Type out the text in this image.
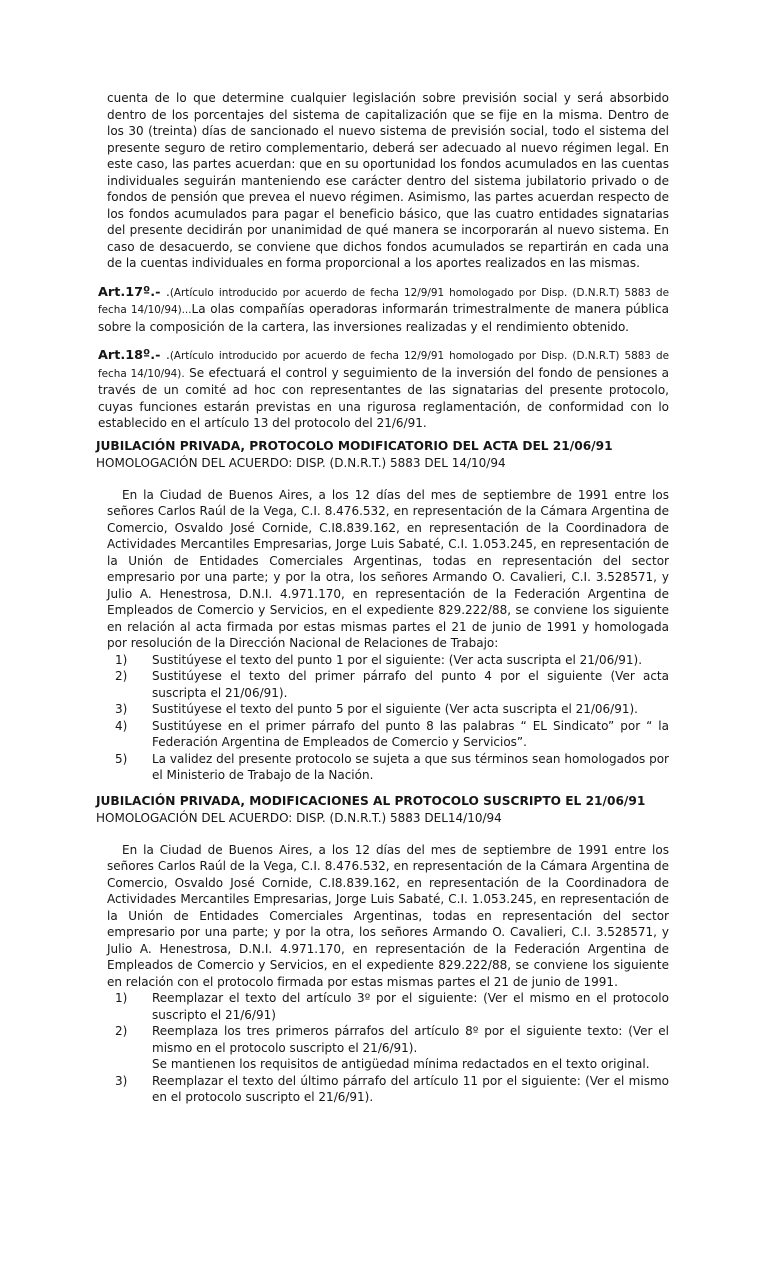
cuenta de lo que determine cualquier legislación sobre previsión social y será absorbido dentro de los porcentajes del sistema de capitalización que se fije en la misma. Dentro de los 30 (treinta) días de sancionado el nuevo sistema de previsión social, todo el sistema del presente seguro de retiro complementario, deberá ser adecuado al nuevo régimen legal. En este caso, las partes acuerdan: que en su oportunidad los fondos acumulados en las cuentas individuales seguirán manteniendo ese carácter dentro del sistema jubilatorio privado o de fondos de pensión que prevea el nuevo régimen. Asimismo, las partes acuerdan respecto de los fondos acumulados para pagar el beneficio básico, que las cuatro entidades signatarias del presente decidirán por unanimidad de qué manera se incorporarán al nuevo sistema. En caso de desacuerdo, se conviene que dichos fondos acumulados se repartirán en cada una de la cuentas individuales en forma proporcional a los aportes realizados en las mismas.

Art.17º.- .(Artículo introducido por acuerdo de fecha 12/9/91 homologado por Disp. (D.N.R.T) 5883 de fecha 14/10/94)...La olas compañías operadoras informarán trimestralmente de manera pública sobre la composición de la cartera, las inversiones realizadas y el rendimiento obtenido.

Art.18º.- .(Artículo introducido por acuerdo de fecha 12/9/91 homologado por Disp. (D.N.R.T) 5883 de fecha 14/10/94). Se efectuará el control y seguimiento de la inversión del fondo de pensiones a través de un comité ad hoc con representantes de las signatarias del presente protocolo, cuyas funciones estarán previstas en una rigurosa reglamentación, de conformidad con lo establecido en el artículo 13 del protocolo del 21/6/91.

JUBILACIÓN PRIVADA, PROTOCOLO MODIFICATORIO DEL ACTA DEL 21/06/91
HOMOLOGACIÓN DEL ACUERDO: DISP. (D.N.R.T.) 5883 DEL 14/10/94

En la Ciudad de Buenos Aires, a los 12 días del mes de septiembre de 1991 entre los señores Carlos Raúl de la Vega, C.I. 8.476.532, en representación de la Cámara Argentina de Comercio, Osvaldo José Cornide, C.I8.839.162, en representación de la Coordinadora de Actividades Mercantiles Empresarias, Jorge Luis Sabaté, C.I. 1.053.245, en representación de la Unión de Entidades Comerciales Argentinas, todas en representación del sector empresario por una parte; y por la otra, los señores Armando O. Cavalieri, C.I. 3.528571, y Julio A. Henestrosa, D.N.I. 4.971.170, en representación de la Federación Argentina de Empleados de Comercio y Servicios, en el expediente 829.222/88, se conviene los siguiente en relación al acta firmada por estas mismas partes el 21 de junio de 1991 y homologada por resolución de la Dirección Nacional de Relaciones de Trabajo:

1)	Sustitúyese el texto del punto 1 por el siguiente: (Ver acta suscripta el 21/06/91).
2)	Sustitúyese el texto del primer párrafo del punto 4 por el siguiente (Ver acta suscripta el 21/06/91).
3)	Sustitúyese el texto del punto 5 por el siguiente (Ver acta suscripta el 21/06/91).
4)	Sustitúyese en el primer párrafo del punto 8 las palabras “ EL Sindicato” por “ la Federación Argentina de Empleados de Comercio y Servicios”.
5)	La validez del presente protocolo se sujeta a que sus términos sean homologados por el Ministerio de Trabajo de la Nación.
JUBILACIÓN PRIVADA, MODIFICACIONES AL PROTOCOLO SUSCRIPTO EL 21/06/91
HOMOLOGACIÓN DEL ACUERDO: DISP. (D.N.R.T.) 5883 DEL14/10/94

En la Ciudad de Buenos Aires, a los 12 días del mes de septiembre de 1991 entre los señores Carlos Raúl de la Vega, C.I. 8.476.532, en representación de la Cámara Argentina de Comercio, Osvaldo José Cornide, C.I8.839.162, en representación de la Coordinadora de Actividades Mercantiles Empresarias, Jorge Luis Sabaté, C.I. 1.053.245, en representación de la Unión de Entidades Comerciales Argentinas, todas en representación del sector empresario por una parte; y por la otra, los señores Armando O. Cavalieri, C.I. 3.528571, y Julio A. Henestrosa, D.N.I. 4.971.170, en representación de la Federación Argentina de Empleados de Comercio y Servicios, en el expediente 829.222/88, se conviene los siguiente en relación con el protocolo firmada por estas mismas partes el 21 de junio de 1991.

1)	Reemplazar el texto del artículo 3º por el siguiente: (Ver el mismo en el protocolo suscripto el 21/6/91)
2)	Reemplaza los tres primeros párrafos del artículo 8º por el siguiente texto: (Ver el mismo en el protocolo suscripto el 21/6/91).
Se mantienen los requisitos de antigüedad mínima redactados en el texto original.
3)	Reemplazar el texto del último párrafo del artículo 11 por el siguiente: (Ver el mismo en el protocolo suscripto el 21/6/91).
